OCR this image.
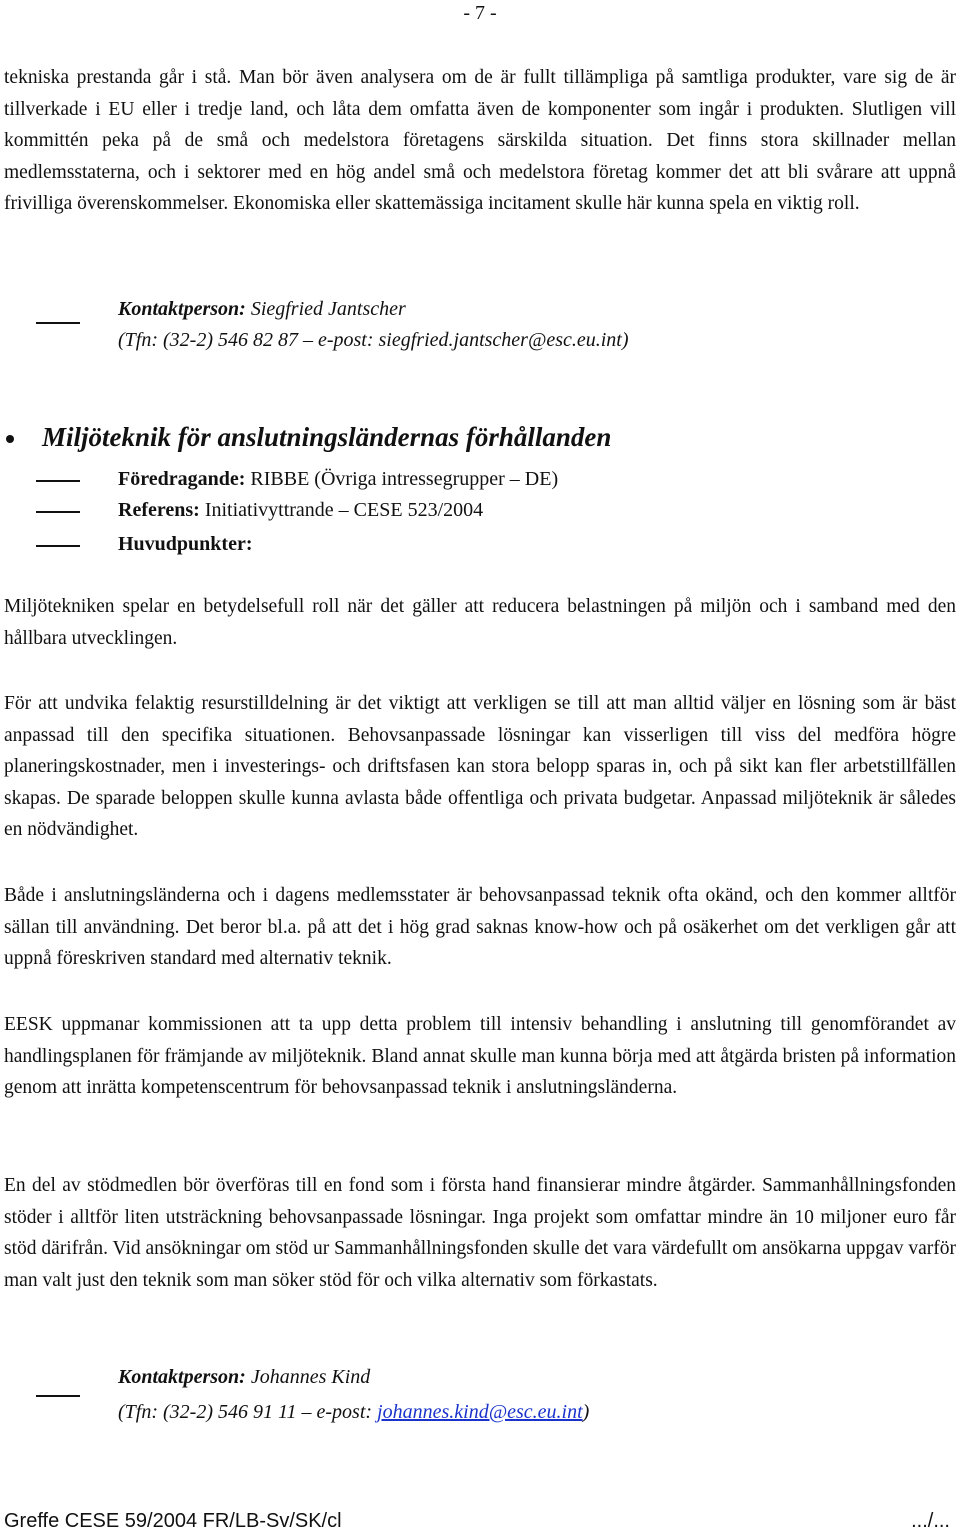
- 7 -

tekniska prestanda går i stå. Man bör även analysera om de är fullt tillämpliga på samtliga produkter, vare sig de är tillverkade i EU eller i tredje land, och låta dem omfatta även de komponenter som ingår i produkten. Slutligen vill kommittén peka på de små och medelstora företagens särskilda situation. Det finns stora skillnader mellan medlemsstaterna, och i sektorer med en hög andel små och medelstora företag kommer det att bli svårare att uppnå frivilliga överenskommelser. Ekonomiska eller skattemässiga incitament skulle här kunna spela en viktig roll.

Kontaktperson: Siegfried Jantscher
(Tfn: (32-2) 546 82 87 – e-post: siegfried.jantscher@esc.eu.int)
Miljöteknik för anslutningsländernas förhållanden
Föredragande: RIBBE (Övriga intressegrupper – DE)
Referens: Initiativyttrande – CESE 523/2004
Huvudpunkter:

Miljötekniken spelar en betydelsefull roll när det gäller att reducera belastningen på miljön och i samband med den hållbara utvecklingen.

För att undvika felaktig resurstilldelning är det viktigt att verkligen se till att man alltid väljer en lösning som är bäst anpassad till den specifika situationen. Behovsanpassade lösningar kan visserligen till viss del medföra högre planeringskostnader, men i investerings- och driftsfasen kan stora belopp sparas in, och på sikt kan fler arbetstillfällen skapas. De sparade beloppen skulle kunna avlasta både offentliga och privata budgetar. Anpassad miljöteknik är således en nödvändighet.

Både i anslutningsländerna och i dagens medlemsstater är behovsanpassad teknik ofta okänd, och den kommer alltför sällan till användning. Det beror bl.a. på att det i hög grad saknas know-how och på osäkerhet om det verkligen går att uppnå föreskriven standard med alternativ teknik.

EESK uppmanar kommissionen att ta upp detta problem till intensiv behandling i anslutning till genomförandet av handlingsplanen för främjande av miljöteknik. Bland annat skulle man kunna börja med att åtgärda bristen på information genom att inrätta kompetenscentrum för behovsanpassad teknik i anslutningsländerna.

En del av stödmedlen bör överföras till en fond som i första hand finansierar mindre åtgärder. Sammanhållningsfonden stöder i alltför liten utsträckning behovsanpassade lösningar. Inga projekt som omfattar mindre än 10 miljoner euro får stöd därifrån. Vid ansökningar om stöd ur Sammanhållningsfonden skulle det vara värdefullt om ansökarna uppgav varför man valt just den teknik som man söker stöd för och vilka alternativ som förkastats.

Kontaktperson: Johannes Kind
(Tfn: (32-2) 546 91 11 – e-post: johannes.kind@esc.eu.int)
Greffe CESE 59/2004 FR/LB-Sv/SK/cl	.../...
